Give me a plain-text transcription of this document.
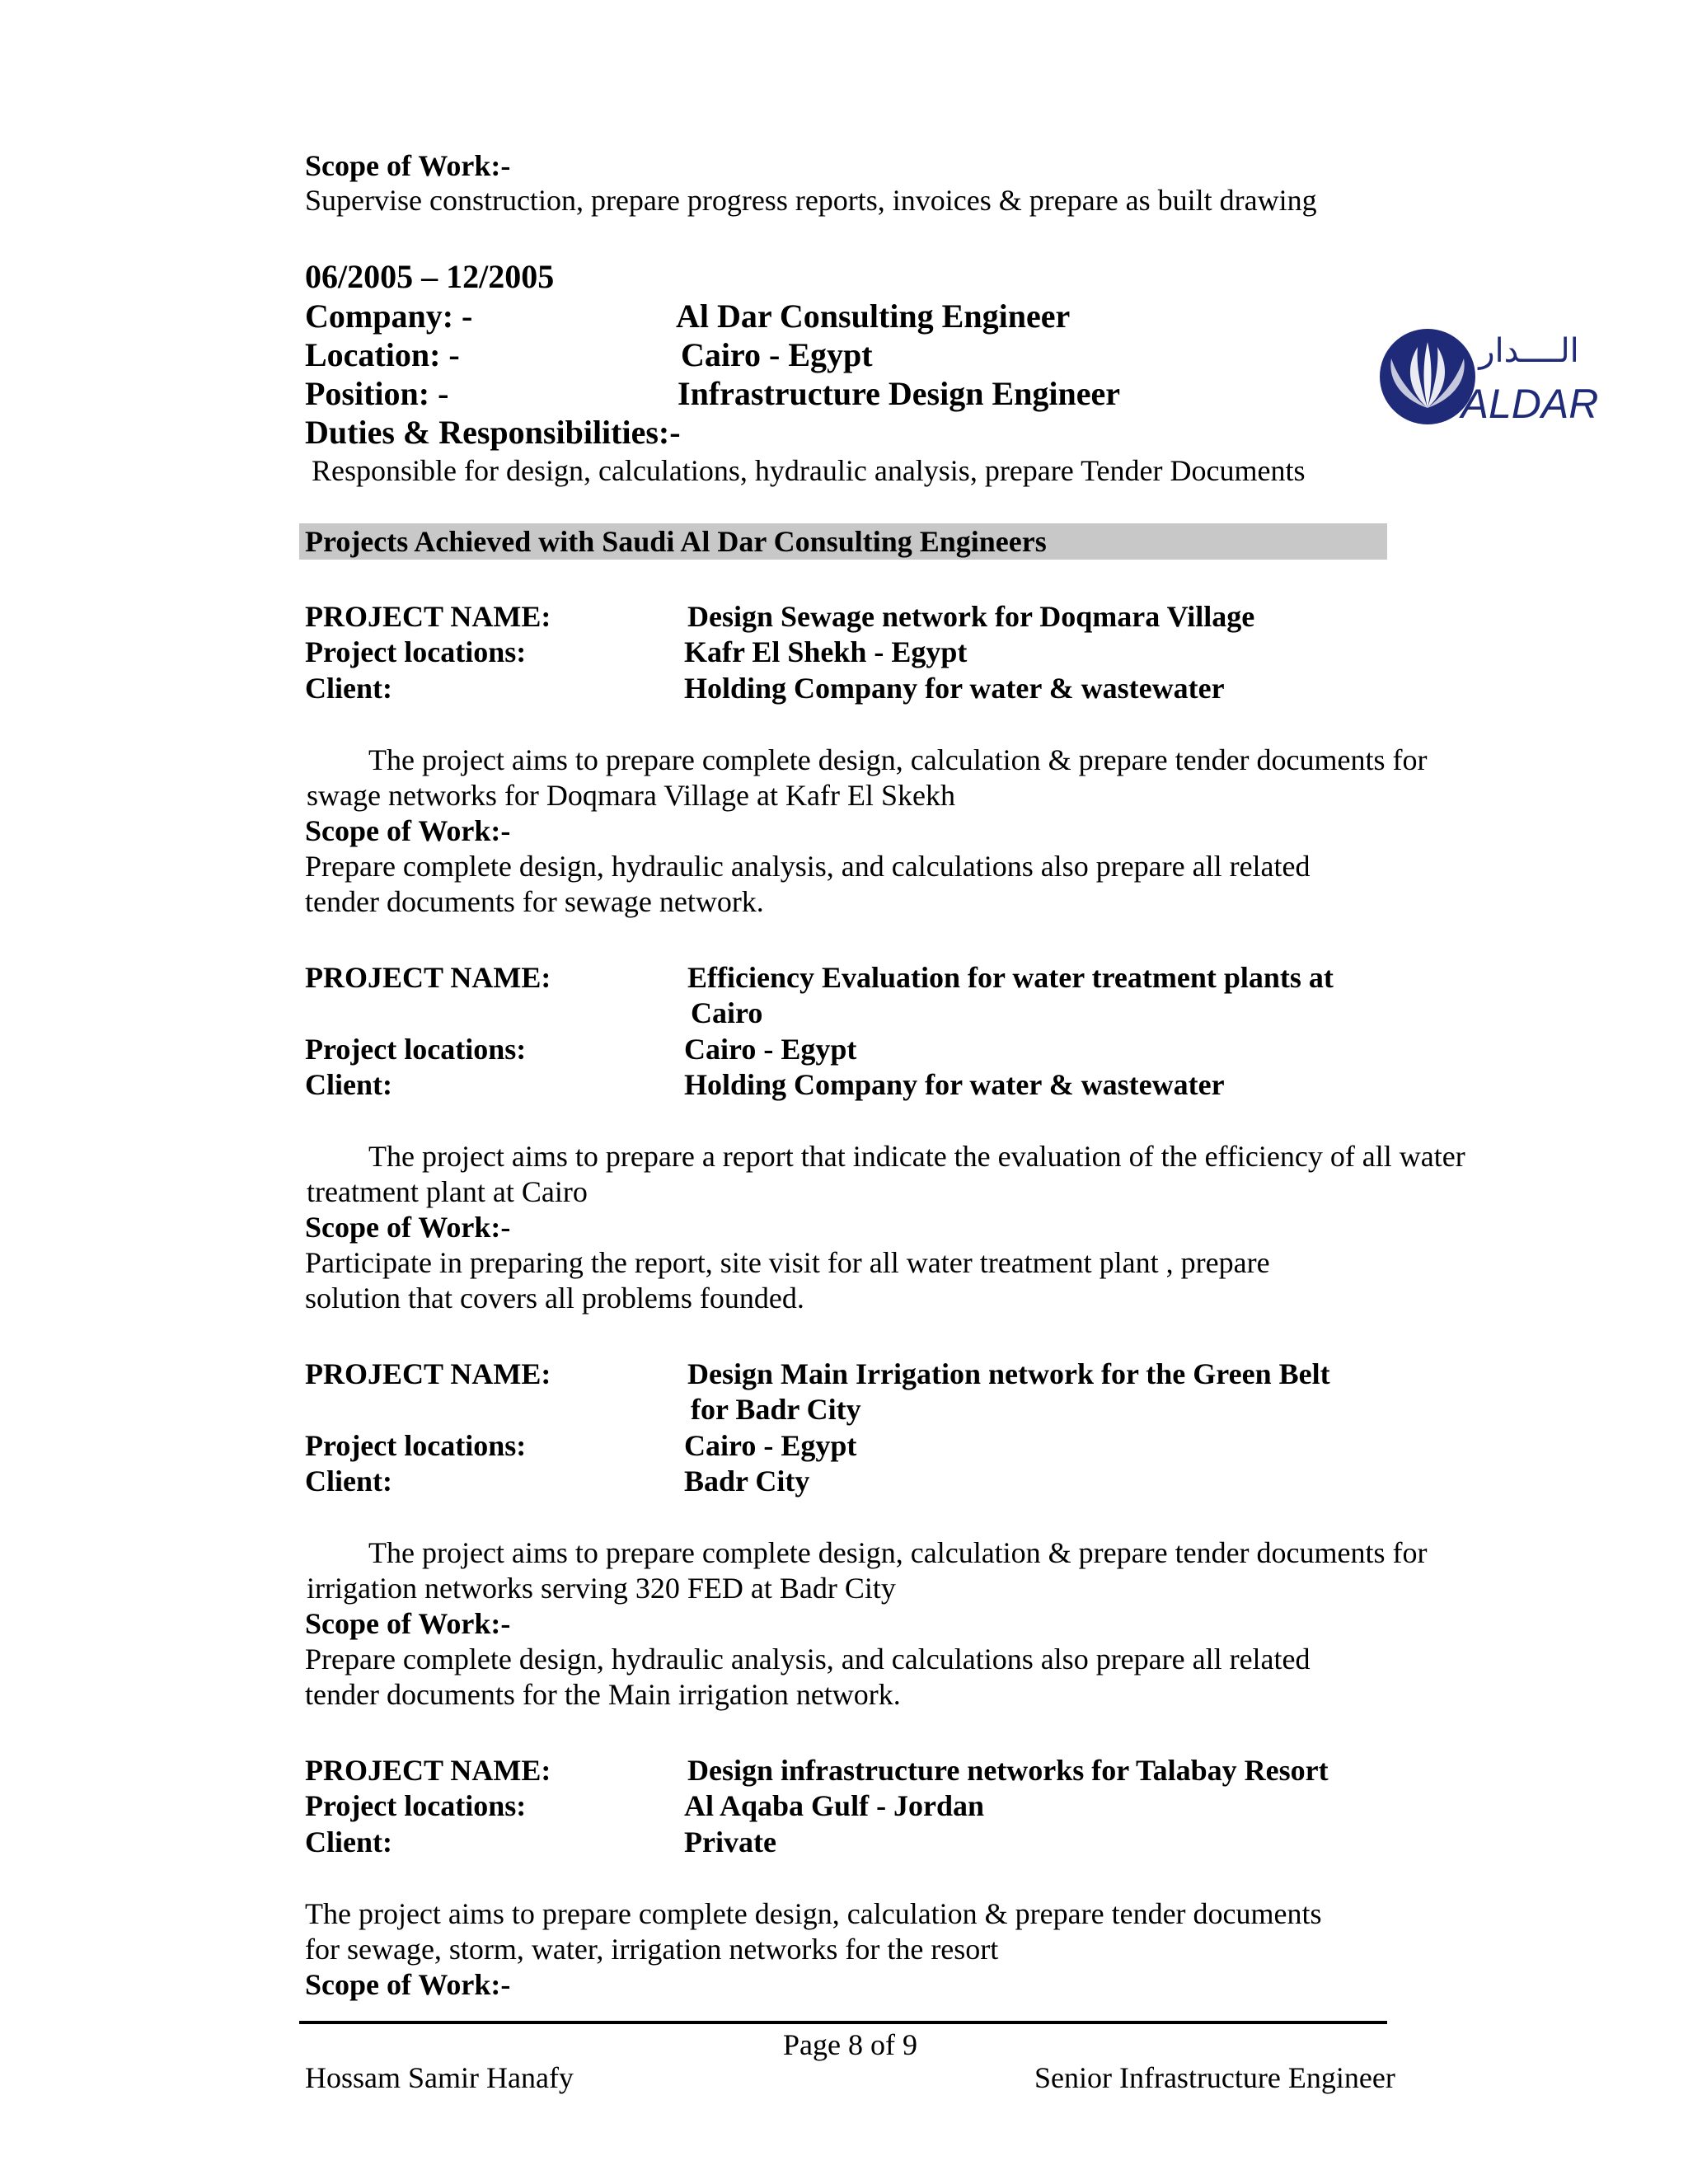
Scope of Work:-
Supervise construction, prepare progress reports, invoices & prepare as built drawing
06/2005 – 12/2005
Company: -	Al Dar Consulting Engineer
Location: -	Cairo - Egypt
Position: -	Infrastructure Design Engineer
Duties & Responsibilities:-
Responsible for design, calculations, hydraulic analysis, prepare Tender Documents
الــــدار
ALDAR
Projects Achieved with Saudi Al Dar Consulting Engineers
PROJECT NAME:	Design Sewage network for Doqmara Village
Project locations:	Kafr El Shekh - Egypt
Client:	Holding Company for water & wastewater
The project aims to prepare complete design, calculation & prepare tender documents for
swage networks for Doqmara Village at Kafr El Skekh
Scope of Work:-
Prepare complete design, hydraulic analysis, and calculations also prepare all related
tender documents for sewage network.
PROJECT NAME:	Efficiency Evaluation for water treatment plants at
Cairo
Project locations:	Cairo - Egypt
Client:	Holding Company for water & wastewater
The project aims to prepare a report that indicate the evaluation of the efficiency of all water
treatment plant at Cairo
Scope of Work:-
Participate in preparing the report, site visit for all water treatment plant , prepare
solution that covers all problems founded.
PROJECT NAME:	Design Main Irrigation network for the Green Belt
for Badr City
Project locations:	Cairo - Egypt
Client:	Badr City
The project aims to prepare complete design, calculation & prepare tender documents for
irrigation networks serving 320 FED at Badr City
Scope of Work:-
Prepare complete design, hydraulic analysis, and calculations also prepare all related
tender documents for the Main irrigation network.
PROJECT NAME:	Design infrastructure networks for Talabay Resort
Project locations:	Al Aqaba Gulf - Jordan
Client:	Private
The project aims to prepare complete design, calculation & prepare tender documents
for sewage, storm, water, irrigation networks for the resort
Scope of Work:-
Page 8 of 9
Hossam Samir Hanafy	Senior Infrastructure Engineer
